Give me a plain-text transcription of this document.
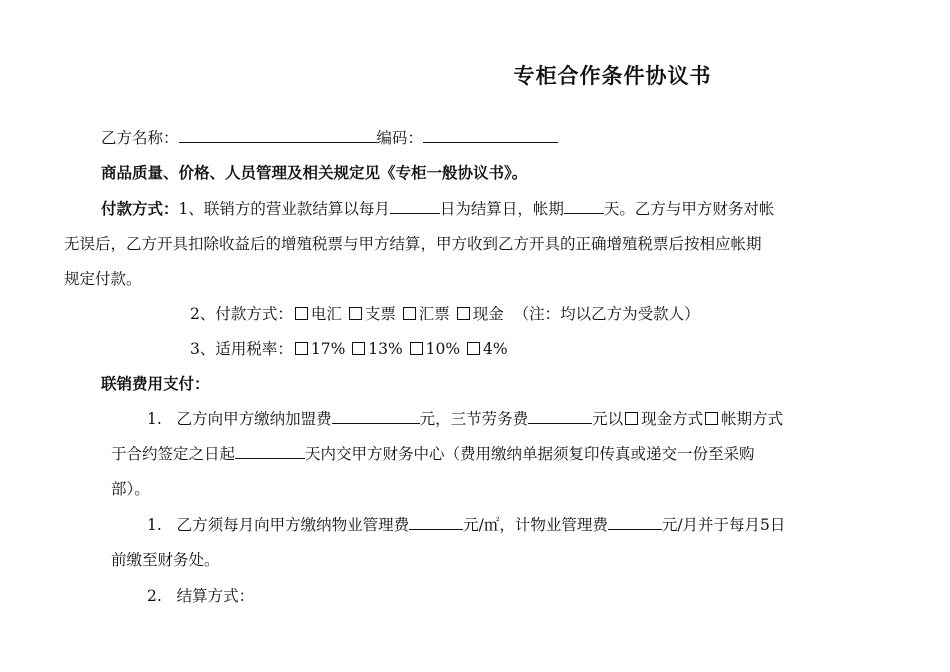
专柜合作条件协议书
乙方名称：	编码：
商品质量、价格、人员管理及相关规定见《专柜一般协议书》。
付款方式：1、联销方的营业款结算以每月	日为结算日，帐期	天。乙方与甲方财务对帐
无误后，乙方开具扣除收益后的增殖税票与甲方结算，甲方收到乙方开具的正确增殖税票后按相应帐期
规定付款。
2、付款方式： 电汇 支票 汇票 现金 （注：均以乙方为受款人）
3、适用税率： 17% 13% 10% 4%
联销费用支付：
1. 乙方向甲方缴纳加盟费	元，三节劳务费	元以 现金方式 帐期方式
于合约签定之日起	天内交甲方财务中心（费用缴纳单据须复印传真或递交一份至采购
部）。
1. 乙方须每月向甲方缴纳物业管理费	元/㎡，计物业管理费	元/月并于每月5日
前缴至财务处。
2. 结算方式：
